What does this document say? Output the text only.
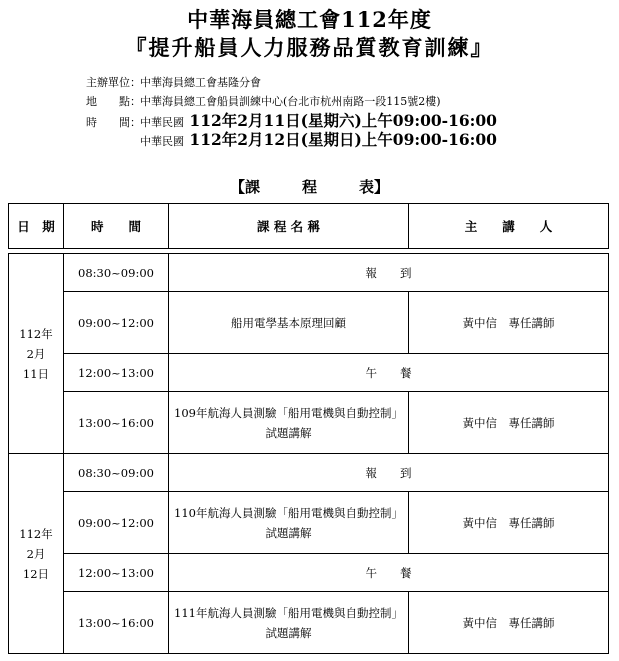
中華海員總工會112年度
『提升船員人力服務品質教育訓練』
主辦單位：中華海員總工會基隆分會
地　　點：中華海員總工會船員訓練中心(台北市杭州南路一段115號2樓)
時　　間：中華民國 112年2月11日(星期六)上午09:00-16:00
中華民國 112年2月12日(星期日)上午09:00-16:00
【課	程	表】
日　期	時　　間	課 程 名 稱	主　　講　　人

112年
2月
11日	08:30~09:00	報　　到	
	09:00~12:00	船用電學基本原理回顧	黃中信　專任講師
	12:00~13:00	午　　餐	
	13:00~16:00	109年航海人員測驗「船用電機與自動控制」試題講解	黃中信　專任講師

112年
2月
12日	08:30~09:00	報　　到	
	09:00~12:00	110年航海人員測驗「船用電機與自動控制」試題講解	黃中信　專任講師
	12:00~13:00	午　　餐	
	13:00~16:00	111年航海人員測驗「船用電機與自動控制」試題講解	黃中信　專任講師
